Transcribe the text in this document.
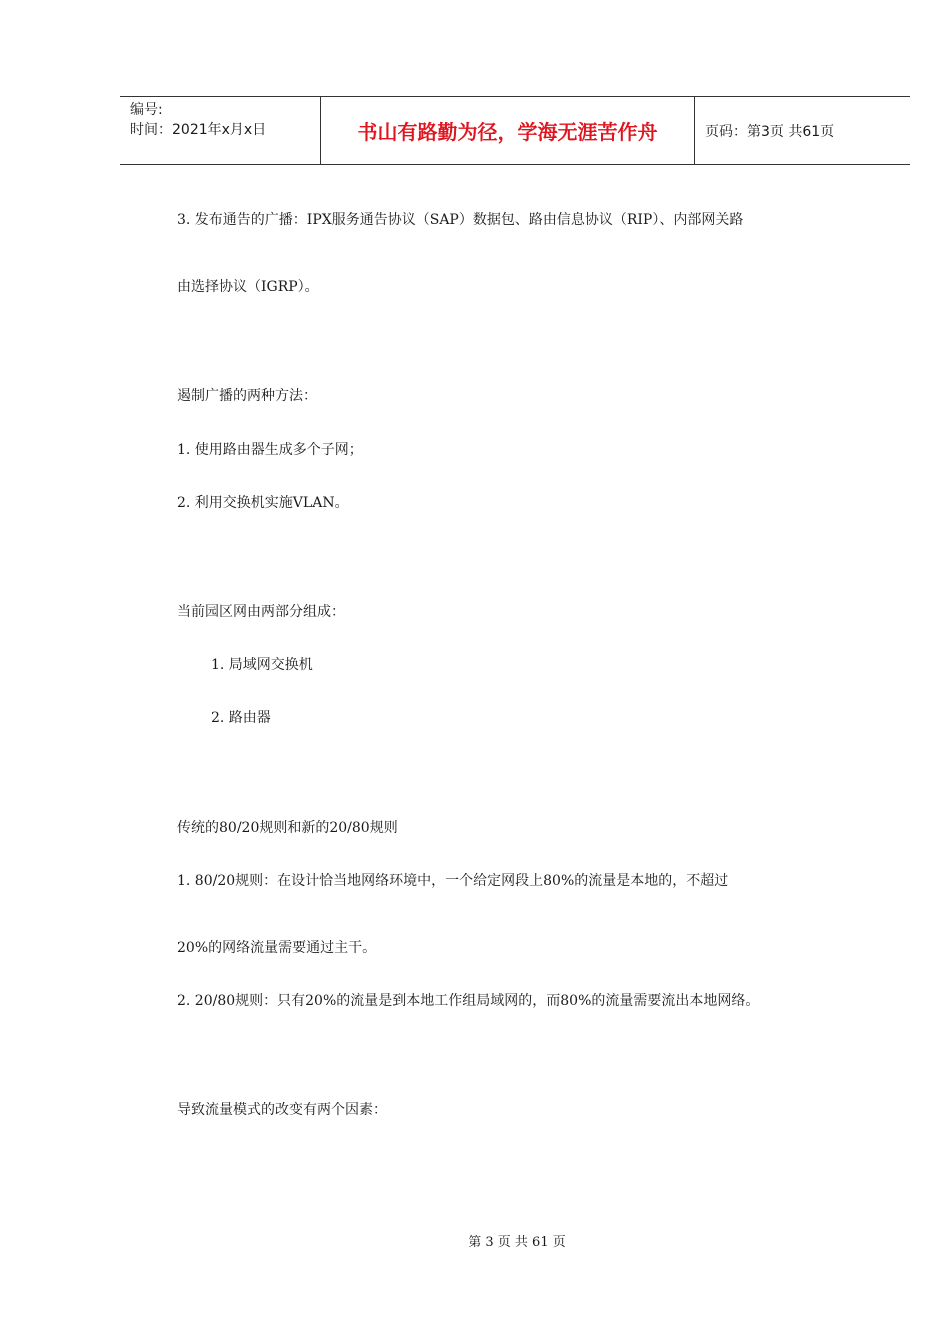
编号:
时间：2021年x月x日	书山有路勤为径，学海无涯苦作舟	页码：第3页 共61页
3. 发布通告的广播：IPX服务通告协议（SAP）数据包、路由信息协议（RIP）、内部网关路
由选择协议（IGRP）。
遏制广播的两种方法：
1. 使用路由器生成多个子网；
2. 利用交换机实施VLAN。
当前园区网由两部分组成：
1. 局域网交换机
2. 路由器
传统的80/20规则和新的20/80规则
1. 80/20规则：在设计恰当地网络环境中，一个给定网段上80%的流量是本地的，不超过
20%的网络流量需要通过主干。
2. 20/80规则：只有20%的流量是到本地工作组局域网的，而80%的流量需要流出本地网络。
导致流量模式的改变有两个因素：
第 3 页 共 61 页
